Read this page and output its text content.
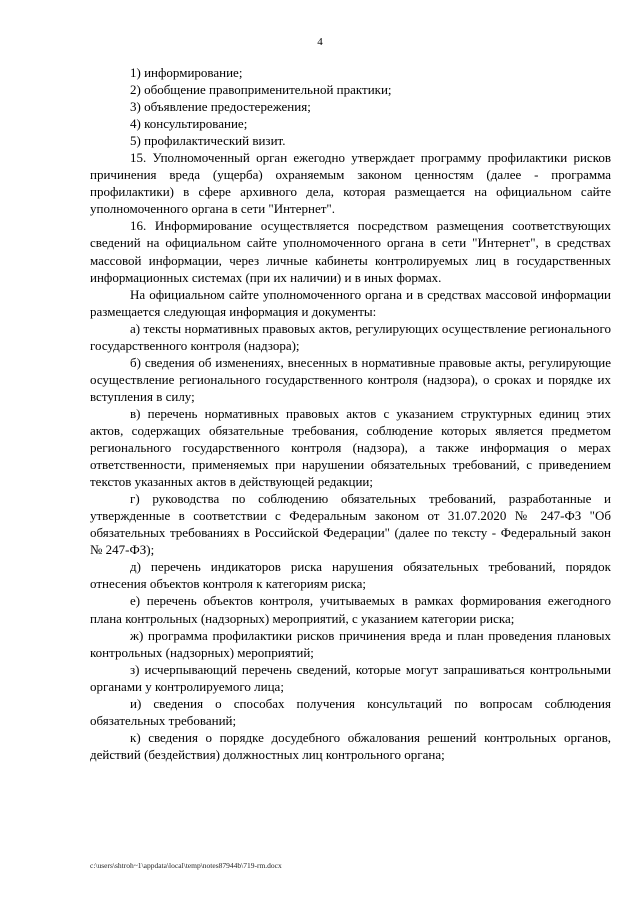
4

1) информирование;

2) обобщение правоприменительной практики;

3) объявление предостережения;

4) консультирование;

5) профилактический визит.

15. Уполномоченный орган ежегодно утверждает программу профилактики рисков причинения вреда (ущерба) охраняемым законом ценностям (далее - программа профилактики) в сфере архивного дела, которая размещается на официальном сайте уполномоченного органа в сети "Интернет".

16. Информирование осуществляется посредством размещения соответствующих сведений на официальном сайте уполномоченного органа в сети "Интернет", в средствах массовой информации, через личные кабинеты контролируемых лиц в государственных информационных системах (при их наличии) и в иных формах.

На официальном сайте уполномоченного органа и в средствах массовой информации размещается следующая информация и документы:

а) тексты нормативных правовых актов, регулирующих осуществление регионального государственного контроля (надзора);

б) сведения об изменениях, внесенных в нормативные правовые акты, регулирующие осуществление регионального государственного контроля (надзора), о сроках и порядке их вступления в силу;

в) перечень нормативных правовых актов с указанием структурных единиц этих актов, содержащих обязательные требования, соблюдение которых является предметом регионального государственного контроля (надзора), а также информация о мерах ответственности, применяемых при нарушении обязательных требований, с приведением текстов указанных актов в действующей редакции;

г) руководства по соблюдению обязательных требований, разработанные и утвержденные в соответствии с Федеральным законом от 31.07.2020 № 247-ФЗ "Об обязательных требованиях в Российской Федерации" (далее по тексту - Федеральный закон № 247-ФЗ);

д) перечень индикаторов риска нарушения обязательных требований, порядок отнесения объектов контроля к категориям риска;

е) перечень объектов контроля, учитываемых в рамках формирования ежегодного плана контрольных (надзорных) мероприятий, с указанием категории риска;

ж) программа профилактики рисков причинения вреда и план проведения плановых контрольных (надзорных) мероприятий;

з) исчерпывающий перечень сведений, которые могут запрашиваться контрольными органами у контролируемого лица;

и) сведения о способах получения консультаций по вопросам соблюдения обязательных требований;

к) сведения о порядке досудебного обжалования решений контрольных органов, действий (бездействия) должностных лиц контрольного органа;

c:\users\shtroh~1\appdata\local\temp\notes87944b\719-rm.docx
